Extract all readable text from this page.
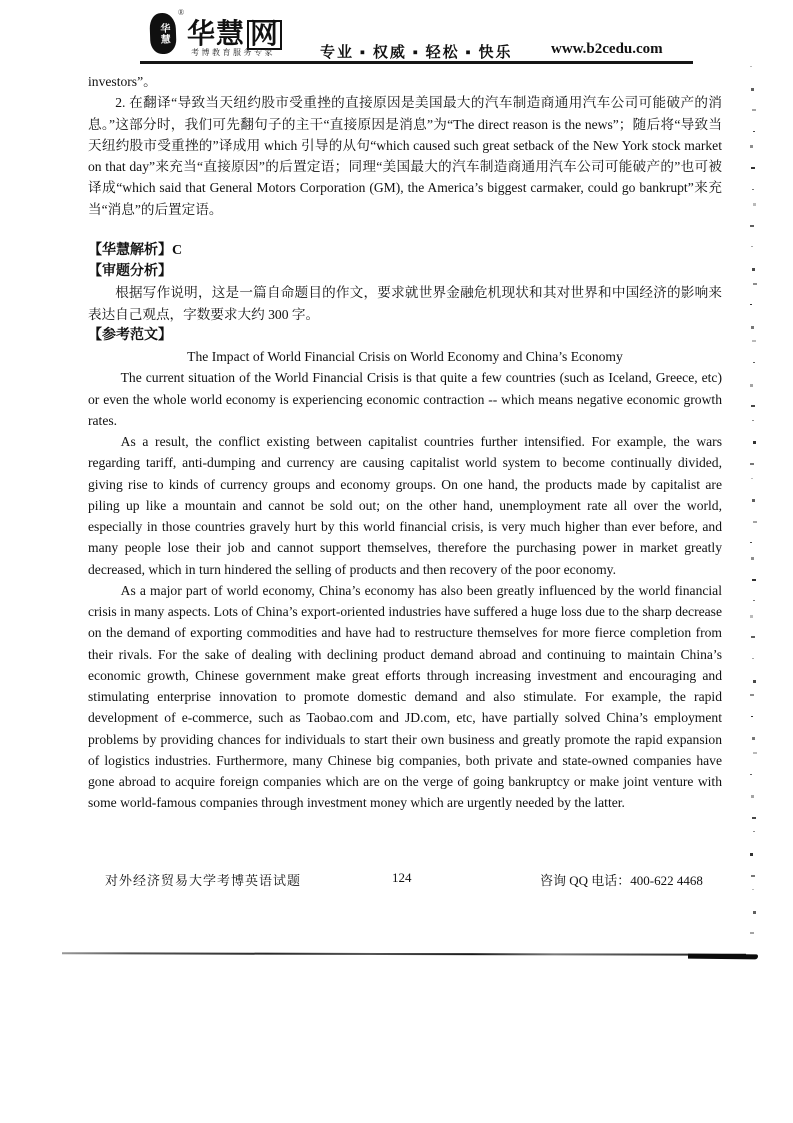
华慧
®
华慧 网
考博教育服务专家	专业 ▪ 权威 ▪ 轻松 ▪ 快乐	www.b2cedu.com

investors”。

2. 在翻译“导致当天纽约股市受重挫的直接原因是美国最大的汽车制造商通用汽车公司可能破产的消息。”这部分时，我们可先翻句子的主干“直接原因是消息”为“The direct reason is the news”；随后将“导致当天纽约股市受重挫的”译成用 which 引导的从句“which caused such great setback of the New York stock market on that day”来充当“直接原因”的后置定语；同理“美国最大的汽车制造商通用汽车公司可能破产的”也可被译成“which said that General Motors Corporation (GM), the America’s biggest carmaker, could go bankrupt”来充当“消息”的后置定语。

【华慧解析】C

【审题分析】

根据写作说明，这是一篇自命题目的作文，要求就世界金融危机现状和其对世界和中国经济的影响来表达自己观点，字数要求大约 300 字。

【参考范文】

The Impact of World Financial Crisis on World Economy and China’s Economy

The current situation of the World Financial Crisis is that quite a few countries (such as Iceland, Greece, etc) or even the whole world economy is experiencing economic contraction -- which means negative economic growth rates.

As a result, the conflict existing between capitalist countries further intensified. For example, the wars regarding tariff, anti-dumping and currency are causing capitalist world system to become continually divided, giving rise to kinds of currency groups and economy groups. On one hand, the products made by capitalist are piling up like a mountain and cannot be sold out; on the other hand, unemployment rate all over the world, especially in those countries gravely hurt by this world financial crisis, is very much higher than ever before, and many people lose their job and cannot support themselves, therefore the purchasing power in market greatly decreased, which in turn hindered the selling of products and then recovery of the poor economy.

As a major part of world economy, China’s economy has also been greatly influenced by the world financial crisis in many aspects. Lots of China’s export-oriented industries have suffered a huge loss due to the sharp decrease on the demand of exporting commodities and have had to restructure themselves for more fierce completion from their rivals. For the sake of dealing with declining product demand abroad and continuing to maintain China’s economic growth, Chinese government make great efforts through increasing investment and encouraging and stimulating enterprise innovation to promote domestic demand and also stimulate. For example, the rapid development of e-commerce, such as Taobao.com and JD.com, etc, have partially solved China’s employment problems by providing chances for individuals to start their own business and greatly promote the rapid expansion of logistics industries. Furthermore, many Chinese big companies, both private and state-owned companies have gone abroad to acquire foreign companies which are on the verge of going bankruptcy or make joint venture with some world-famous companies through investment money which are urgently needed by the latter.

对外经济贸易大学考博英语试题	124	咨询 QQ 电话：400-622 4468
